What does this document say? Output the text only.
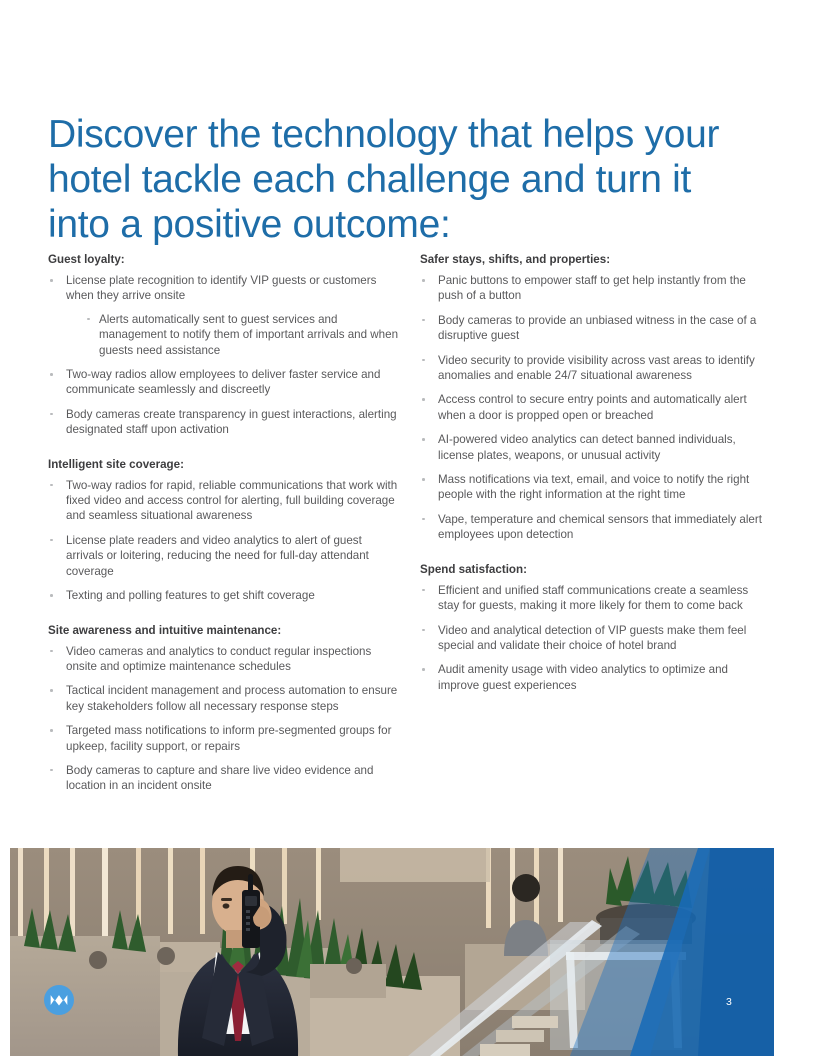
Discover the technology that helps your hotel tackle each challenge and turn it into a positive outcome:
Guest loyalty:
License plate recognition to identify VIP guests or customers when they arrive onsite
Alerts automatically sent to guest services and management to notify them of important arrivals and when guests need assistance
Two-way radios allow employees to deliver faster service and communicate seamlessly and discreetly
Body cameras create transparency in guest interactions, alerting designated staff upon activation
Intelligent site coverage:
Two-way radios for rapid, reliable communications that work with fixed video and access control for alerting, full building coverage and seamless situational awareness
License plate readers and video analytics to alert of guest arrivals or loitering, reducing the need for full-day attendant coverage
Texting and polling features to get shift coverage
Site awareness and intuitive maintenance:
Video cameras and analytics to conduct regular inspections onsite and optimize maintenance schedules
Tactical incident management and process automation to ensure key stakeholders follow all necessary response steps
Targeted mass notifications to inform pre-segmented groups for upkeep, facility support, or repairs
Body cameras to capture and share live video evidence and location in an incident onsite
Safer stays, shifts, and properties:
Panic buttons to empower staff to get help instantly from the push of a button
Body cameras to provide an unbiased witness in the case of a disruptive guest
Video security to provide visibility across vast areas to identify anomalies and enable 24/7 situational awareness
Access control to secure entry points and automatically alert when a door is propped open or breached
AI-powered video analytics can detect banned individuals, license plates, weapons, or unusual activity
Mass notifications via text, email, and voice to notify the right people with the right information at the right time
Vape, temperature and chemical sensors that immediately alert employees upon detection
Spend satisfaction:
Efficient and unified staff communications create a seamless stay for guests, making it more likely for them to come back
Video and analytical detection of VIP guests make them feel special and validate their choice of hotel brand
Audit amenity usage with video analytics to optimize and improve guest experiences
3
